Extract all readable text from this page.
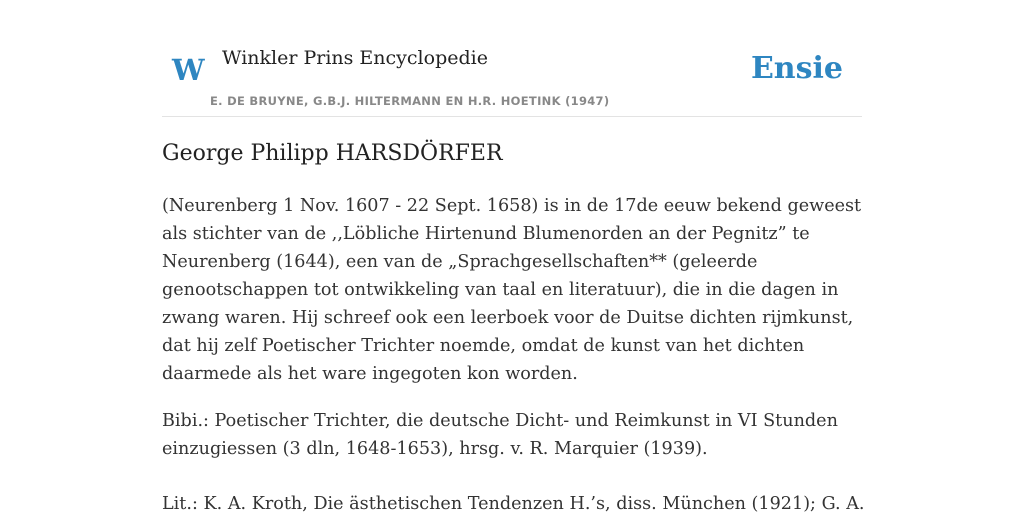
W Winkler Prins Encyclopedie
E. DE BRUYNE, G.B.J. HILTERMANN EN H.R. HOETINK (1947)
Ensie
George Philipp HARSDÖRFER

(Neurenberg 1 Nov. 1607 - 22 Sept. 1658) is in de 17de eeuw bekend geweest als stichter van de ,,Löbliche Hirtenund Blumenorden an der Pegnitz” te Neurenberg (1644), een van de „Sprachgesellschaften** (geleerde genootschappen tot ontwikkeling van taal en literatuur), die in die dagen in zwang waren. Hij schreef ook een leerboek voor de Duitse dichten rijmkunst, dat hij zelf Poetischer Trichter noemde, omdat de kunst van het dichten daarmede als het ware ingegoten kon worden.

Bibi.: Poetischer Trichter, die deutsche Dicht- und Reimkunst in VI Stunden einzugiessen (3 dln, 1648-1653), hrsg. v. R. Marquier (1939).

Lit.: K. A. Kroth, Die ästhetischen Tendenzen H.’s, diss. München (1921); G. A.
